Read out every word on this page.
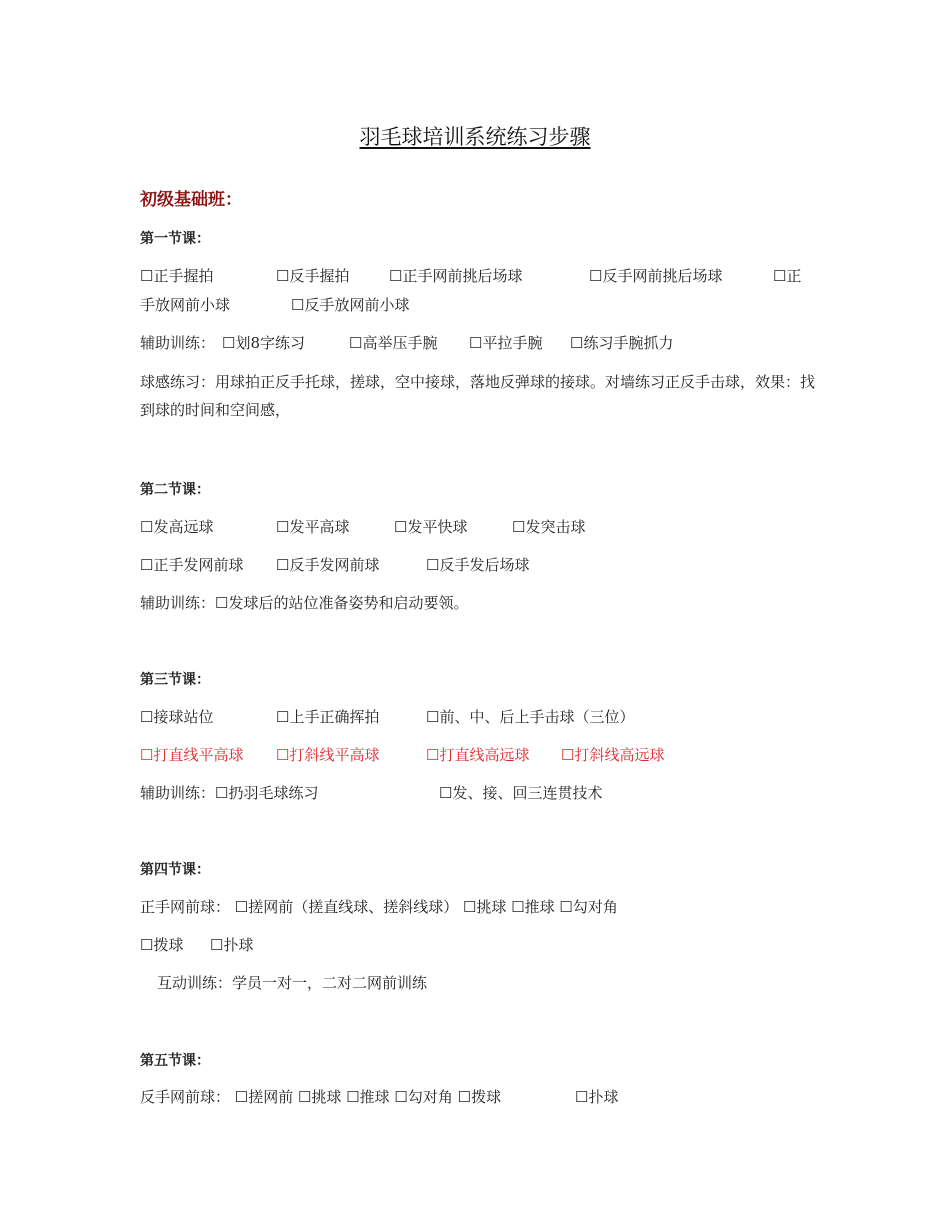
羽毛球培训系统练习步骤
初级基础班：
第一节课：
☐正手握拍	☐反手握拍	☐正手网前挑后场球	☐反手网前挑后场球	☐正
手放网前小球	☐反手放网前小球
辅助训练： ☐划8字练习	☐高举压手腕 ☐平拉手腕 ☐练习手腕抓力
球感练习：用球拍正反手托球，搓球，空中接球，落地反弹球的接球。对墙练习正反手击球，效果：找到球的时间和空间感，
第二节课：
☐发高远球	☐发平高球	☐发平快球	☐发突击球
☐正手发网前球 ☐反手发网前球	☐反手发后场球
辅助训练：☐发球后的站位准备姿势和启动要领。
第三节课：
☐接球站位	☐上手正确挥拍	☐前、中、后上手击球（三位）
☐打直线平高球 ☐打斜线平高球	☐打直线高远球 ☐打斜线高远球
辅助训练：☐扔羽毛球练习	☐发、接、回三连贯技术
第四节课：
正手网前球： ☐搓网前（搓直线球、搓斜线球） ☐挑球 ☐推球 ☐勾对角
☐拨球 ☐扑球
互动训练：学员一对一，二对二网前训练
第五节课：
反手网前球： ☐搓网前 ☐挑球 ☐推球 ☐勾对角 ☐拨球	☐扑球
